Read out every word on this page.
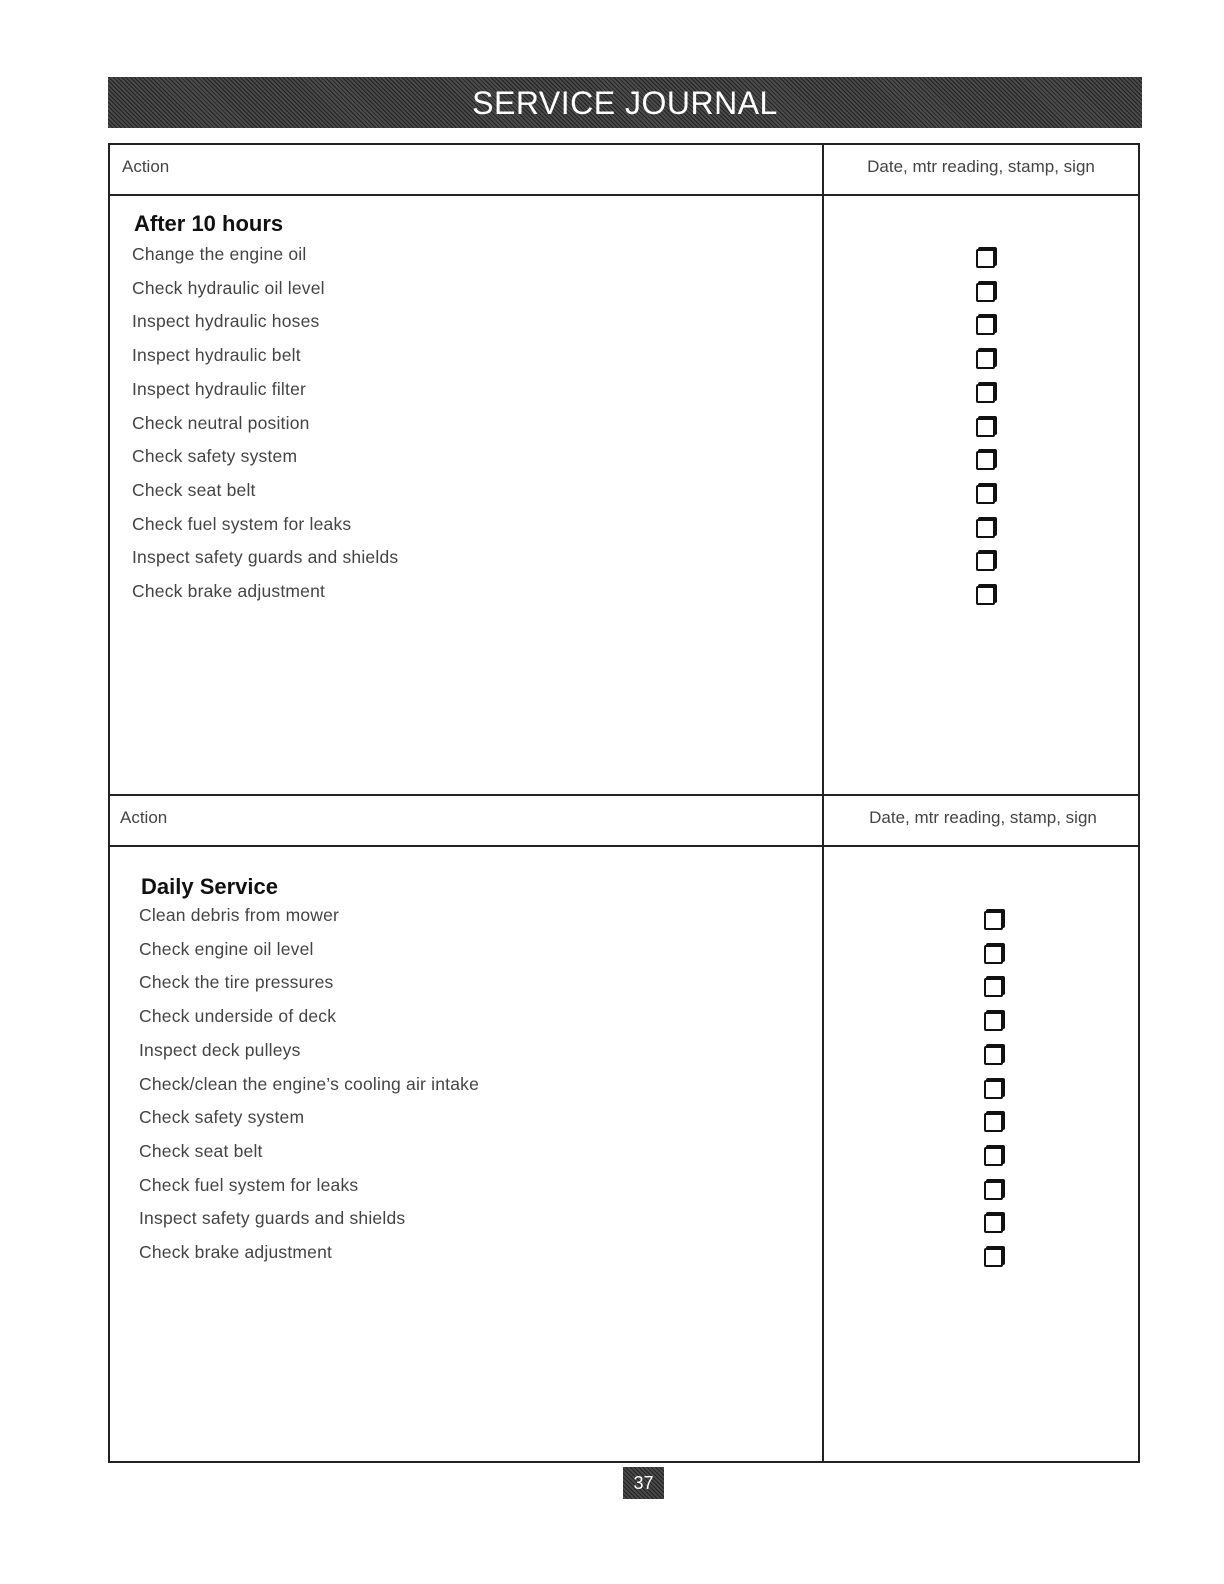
SERVICE JOURNAL
Action	Date, mtr reading, stamp, sign
After 10 hours
Change the engine oil
Check hydraulic oil level
Inspect hydraulic hoses
Inspect hydraulic belt
Inspect hydraulic filter
Check neutral position
Check safety system
Check seat belt
Check fuel system for leaks
Inspect safety guards and shields
Check brake adjustment
Action	Date, mtr reading, stamp, sign
Daily Service
Clean debris from mower
Check engine oil level
Check the tire pressures
Check underside of deck
Inspect deck pulleys
Check/clean the engine’s cooling air intake
Check safety system
Check seat belt
Check fuel system for leaks
Inspect safety guards and shields
Check brake adjustment
37
